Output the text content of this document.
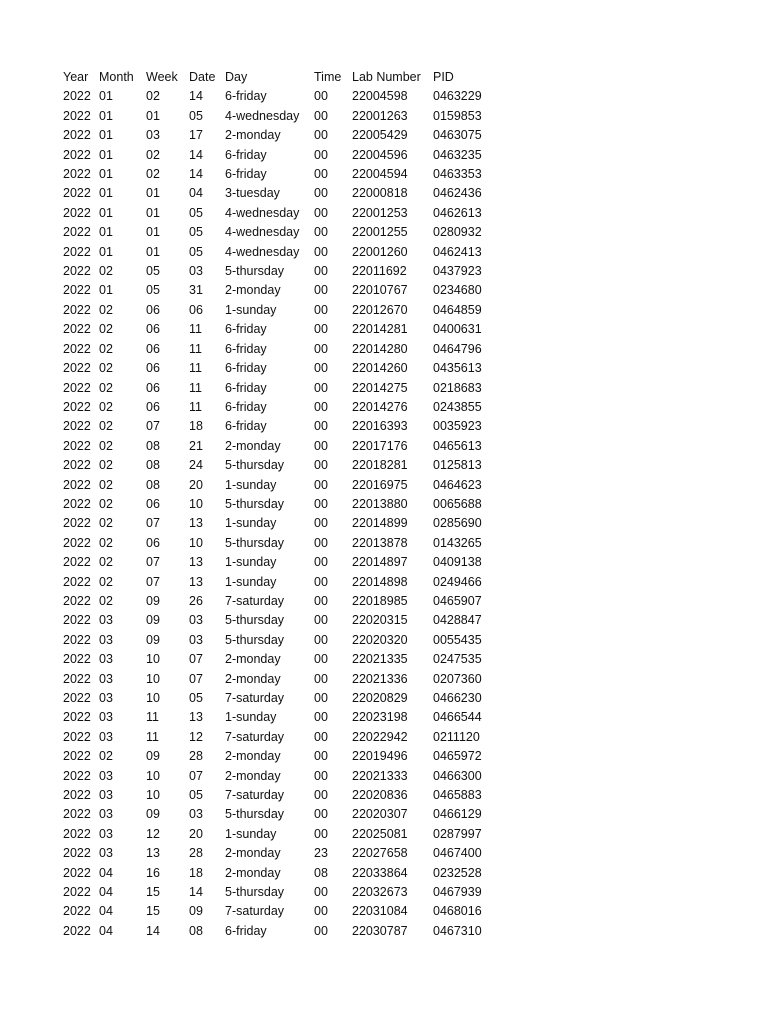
Year	Month	Week	Date	Day	Time	Lab Number	PID
2022	01	02	14	6-friday	00	22004598	0463229
2022	01	01	05	4-wednesday	00	22001263	0159853
2022	01	03	17	2-monday	00	22005429	0463075
2022	01	02	14	6-friday	00	22004596	0463235
2022	01	02	14	6-friday	00	22004594	0463353
2022	01	01	04	3-tuesday	00	22000818	0462436
2022	01	01	05	4-wednesday	00	22001253	0462613
2022	01	01	05	4-wednesday	00	22001255	0280932
2022	01	01	05	4-wednesday	00	22001260	0462413
2022	02	05	03	5-thursday	00	22011692	0437923
2022	01	05	31	2-monday	00	22010767	0234680
2022	02	06	06	1-sunday	00	22012670	0464859
2022	02	06	11	6-friday	00	22014281	0400631
2022	02	06	11	6-friday	00	22014280	0464796
2022	02	06	11	6-friday	00	22014260	0435613
2022	02	06	11	6-friday	00	22014275	0218683
2022	02	06	11	6-friday	00	22014276	0243855
2022	02	07	18	6-friday	00	22016393	0035923
2022	02	08	21	2-monday	00	22017176	0465613
2022	02	08	24	5-thursday	00	22018281	0125813
2022	02	08	20	1-sunday	00	22016975	0464623
2022	02	06	10	5-thursday	00	22013880	0065688
2022	02	07	13	1-sunday	00	22014899	0285690
2022	02	06	10	5-thursday	00	22013878	0143265
2022	02	07	13	1-sunday	00	22014897	0409138
2022	02	07	13	1-sunday	00	22014898	0249466
2022	02	09	26	7-saturday	00	22018985	0465907
2022	03	09	03	5-thursday	00	22020315	0428847
2022	03	09	03	5-thursday	00	22020320	0055435
2022	03	10	07	2-monday	00	22021335	0247535
2022	03	10	07	2-monday	00	22021336	0207360
2022	03	10	05	7-saturday	00	22020829	0466230
2022	03	11	13	1-sunday	00	22023198	0466544
2022	03	11	12	7-saturday	00	22022942	0211120
2022	02	09	28	2-monday	00	22019496	0465972
2022	03	10	07	2-monday	00	22021333	0466300
2022	03	10	05	7-saturday	00	22020836	0465883
2022	03	09	03	5-thursday	00	22020307	0466129
2022	03	12	20	1-sunday	00	22025081	0287997
2022	03	13	28	2-monday	23	22027658	0467400
2022	04	16	18	2-monday	08	22033864	0232528
2022	04	15	14	5-thursday	00	22032673	0467939
2022	04	15	09	7-saturday	00	22031084	0468016
2022	04	14	08	6-friday	00	22030787	0467310
